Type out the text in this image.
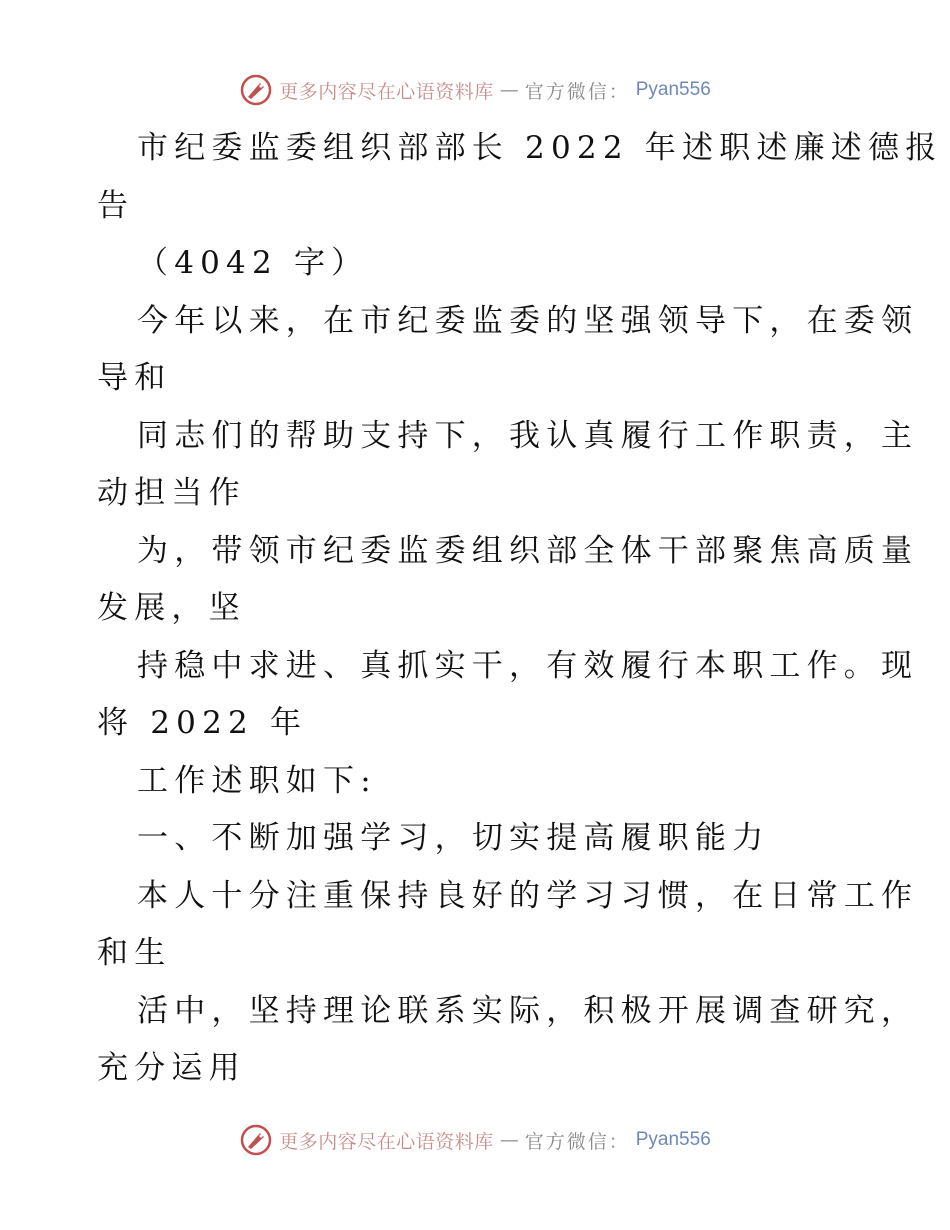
更多内容尽在心语资料库 — 官方微信： Pyan556
市纪委监委组织部部长 2022 年述职述廉述德报
告
（4042 字）
今年以来，在市纪委监委的坚强领导下，在委领
导和
同志们的帮助支持下，我认真履行工作职责，主
动担当作
为，带领市纪委监委组织部全体干部聚焦高质量
发展，坚
持稳中求进、真抓实干，有效履行本职工作。现
将 2022 年
工作述职如下:
一、不断加强学习，切实提高履职能力
本人十分注重保持良好的学习习惯，在日常工作
和生
活中，坚持理论联系实际，积极开展调查研究，
充分运用
更多内容尽在心语资料库 — 官方微信： Pyan556
